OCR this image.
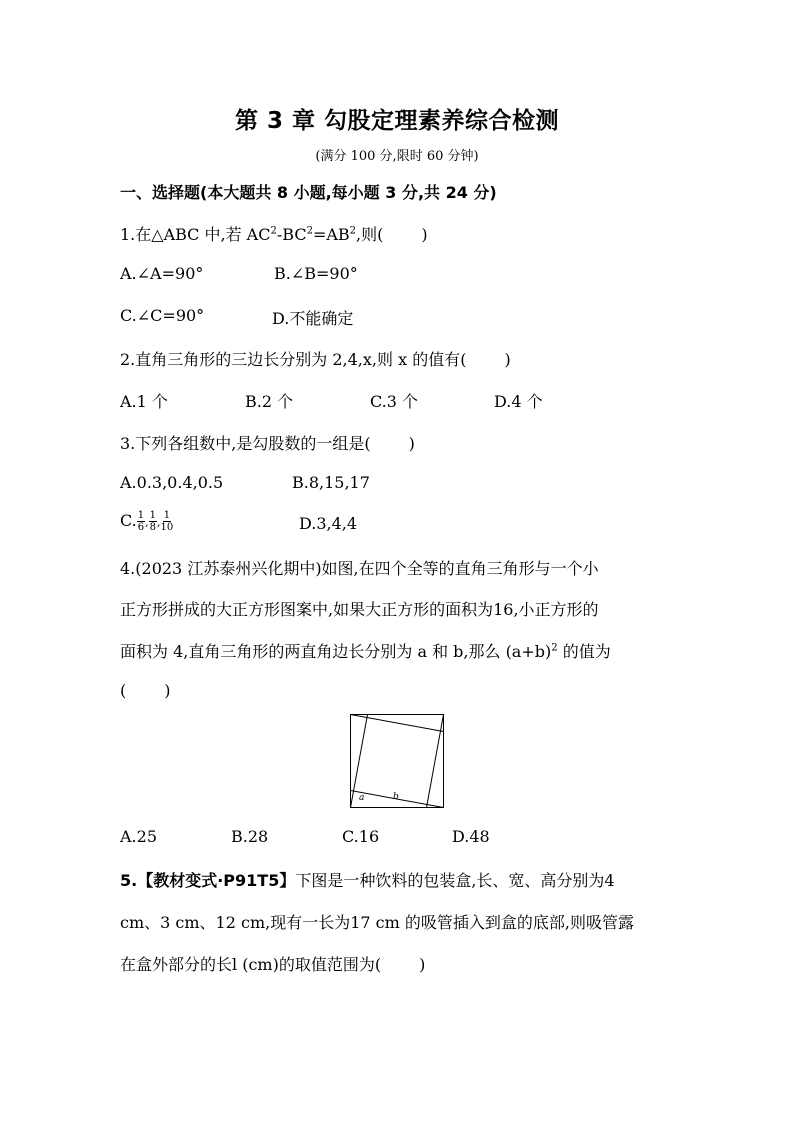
第 3 章 勾股定理素养综合检测
(满分 100 分,限时 60 分钟)
一、选择题(本大题共 8 小题,每小题 3 分,共 24 分)
1.在△ABC 中,若 $AC^2-BC^2=AB^2$,则( )
A.∠A=90°	B.∠B=90°
C.∠C=90°	D.不能确定
2.直角三角形的三边长分别为 2,4,x,则 x 的值有( )
A.1 个	B.2 个	C.3 个	D.4 个
3.下列各组数中,是勾股数的一组是( )
A.0.3,0.4,0.5	B.8,15,17
C. $\frac{1}{6}$ , $\frac{1}{8}$ , $\frac{1}{10}$	D.3,4,4
4.(2023 江苏泰州兴化期中)如图,在四个全等的直角三角形与一个小
正方形拼成的大正方形图案中,如果大正方形的面积为16,小正方形的
面积为 4,直角三角形的两直角边长分别为 a 和 b,那么 $(a+b)^2$ 的值为
( )
a	b
A.25	B.28	C.16	D.48
5.【教材变式·P91T5】下图是一种饮料的包装盒,长、宽、高分别为4
cm、3 cm、12 cm,现有一长为17 cm 的吸管插入到盒的底部,则吸管露
在盒外部分的长l (cm)的取值范围为( )
